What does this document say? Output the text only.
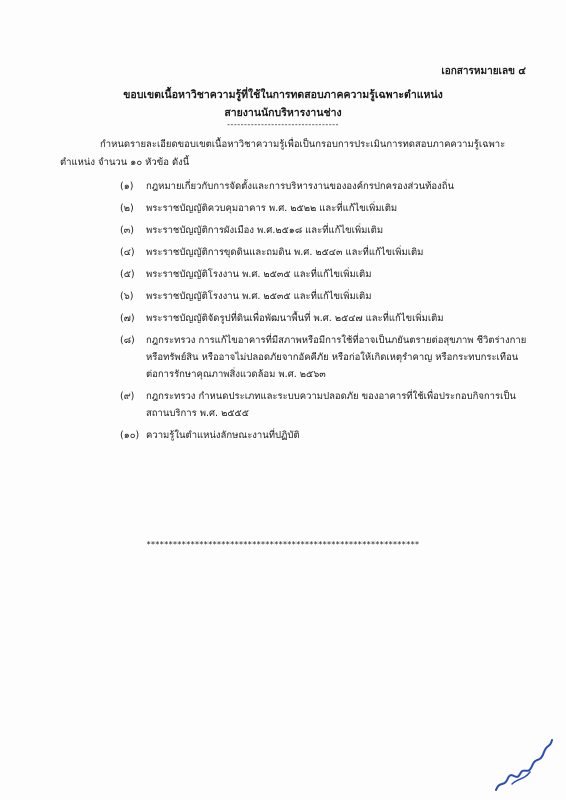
เอกสารหมายเลข ๔
ขอบเขตเนื้อหาวิชาความรู้ที่ใช้ในการทดสอบภาคความรู้เฉพาะตำแหน่ง
สายงานนักบริหารงานช่าง
---------------------------------
กำหนดรายละเอียดขอบเขตเนื้อหาวิชาความรู้เพื่อเป็นกรอบการประเมินการทดสอบภาคความรู้เฉพาะตำแหน่ง จำนวน ๑๐ หัวข้อ ดังนี้
(๑)	กฎหมายเกี่ยวกับการจัดตั้งและการบริหารงานขององค์กรปกครองส่วนท้องถิ่น
(๒)	พระราชบัญญัติควบคุมอาคาร พ.ศ. ๒๕๒๒ และที่แก้ไขเพิ่มเติม
(๓)	พระราชบัญญัติการผังเมือง พ.ศ.๒๕๑๘ และที่แก้ไขเพิ่มเติม
(๔)	พระราชบัญญัติการขุดดินและถมดิน พ.ศ. ๒๕๔๓ และที่แก้ไขเพิ่มเติม
(๕)	พระราชบัญญัติโรงงาน พ.ศ. ๒๕๓๕ และที่แก้ไขเพิ่มเติม
(๖)	พระราชบัญญัติโรงงาน พ.ศ. ๒๕๓๕ และที่แก้ไขเพิ่มเติม
(๗)	พระราชบัญญัติจัดรูปที่ดินเพื่อพัฒนาพื้นที่ พ.ศ. ๒๕๔๗ และที่แก้ไขเพิ่มเติม
(๘)	กฎกระทรวง การแก้ไขอาคารที่มีสภาพหรือมีการใช้ที่อาจเป็นภยันตรายต่อสุขภาพ ชีวิตร่างกาย หรือทรัพย์สิน หรืออาจไม่ปลอดภัยจากอัคคีภัย หรือก่อให้เกิดเหตุรำคาญ หรือกระทบกระเทือนต่อการรักษาคุณภาพสิ่งแวดล้อม พ.ศ. ๒๕๖๓
(๙)	กฎกระทรวง กำหนดประเภทและระบบความปลอดภัย ของอาคารที่ใช้เพื่อประกอบกิจการเป็นสถานบริการ พ.ศ. ๒๕๕๕
(๑๐) ความรู้ในตำแหน่งลักษณะงานที่ปฏิบัติ
**************************************************************
